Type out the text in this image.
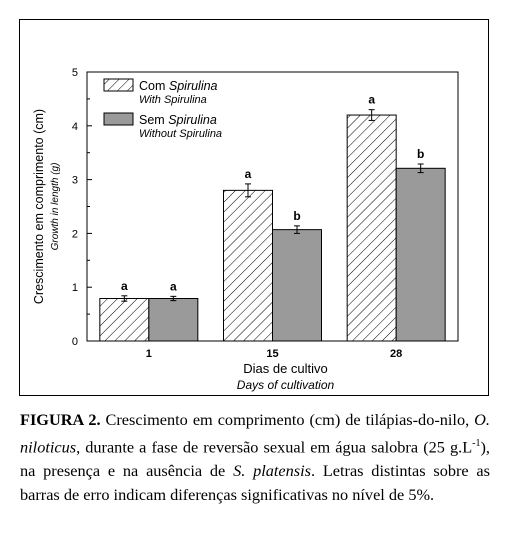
0
1
2
3
4
5
1	15	28
a	a
a
b
a
b
Com Spirulina
With Spirulina
Sem Spirulina
Without Spirulina
Crescimento em comprimento (cm) Growth in length (g)
Dias de cultivo
Days of cultivation

FIGURA 2. Crescimento em comprimento (cm) de tilápias-do-nilo, O. niloticus, durante a fase de reversão sexual em água salobra (25 $g.L^{-1}$), na presença e na ausência de S. platensis. Letras distintas sobre as barras de erro indicam diferenças significativas no nível de 5%.
